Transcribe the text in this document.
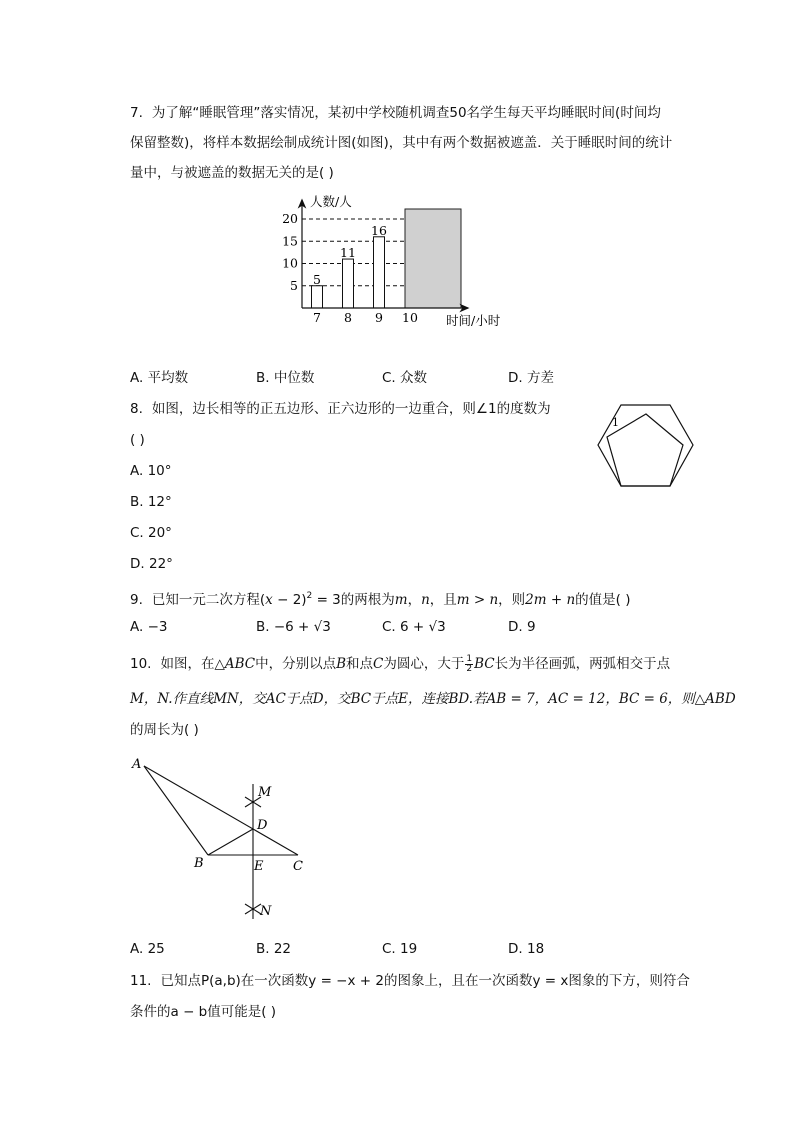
7. 为了解“睡眠管理”落实情况，某初中学校随机调查50名学生每天平均睡眠时间(时间均
保留整数)，将样本数据绘制成统计图(如图)，其中有两个数据被遮盖．关于睡眠时间的统计
量中，与被遮盖的数据无关的是( )
人数/人
时间/小时
5
10
15
20
7 8 9 10
5
11
16
A. 平均数	B. 中位数	C. 众数	D. 方差
8. 如图，边长相等的正五边形、正六边形的一边重合，则∠1的度数为
( )
A. 10°
B. 12°
C. 20°
D. 22°
1
9. 已知一元二次方程$(x - 2)^2 = 3$的两根为m，n，且m > n，则2m + n的值是( )
A. −3	B. −6 + √3	C. 6 + √3	D. 9
10. 如图，在△ABC中，分别以点B和点C为圆心，大于 $\frac{1}{2}$ BC长为半径画弧，两弧相交于点
M，N.作直线MN，交AC于点D，交BC于点E，连接BD.若AB = 7，AC = 12，BC = 6，则△ABD
的周长为( )
A
B	C
D
E
M
N
A. 25	B. 22	C. 19	D. 18
11. 已知点P(a,b)在一次函数y = −x + 2的图象上，且在一次函数y = x图象的下方，则符合
条件的a − b值可能是( )
